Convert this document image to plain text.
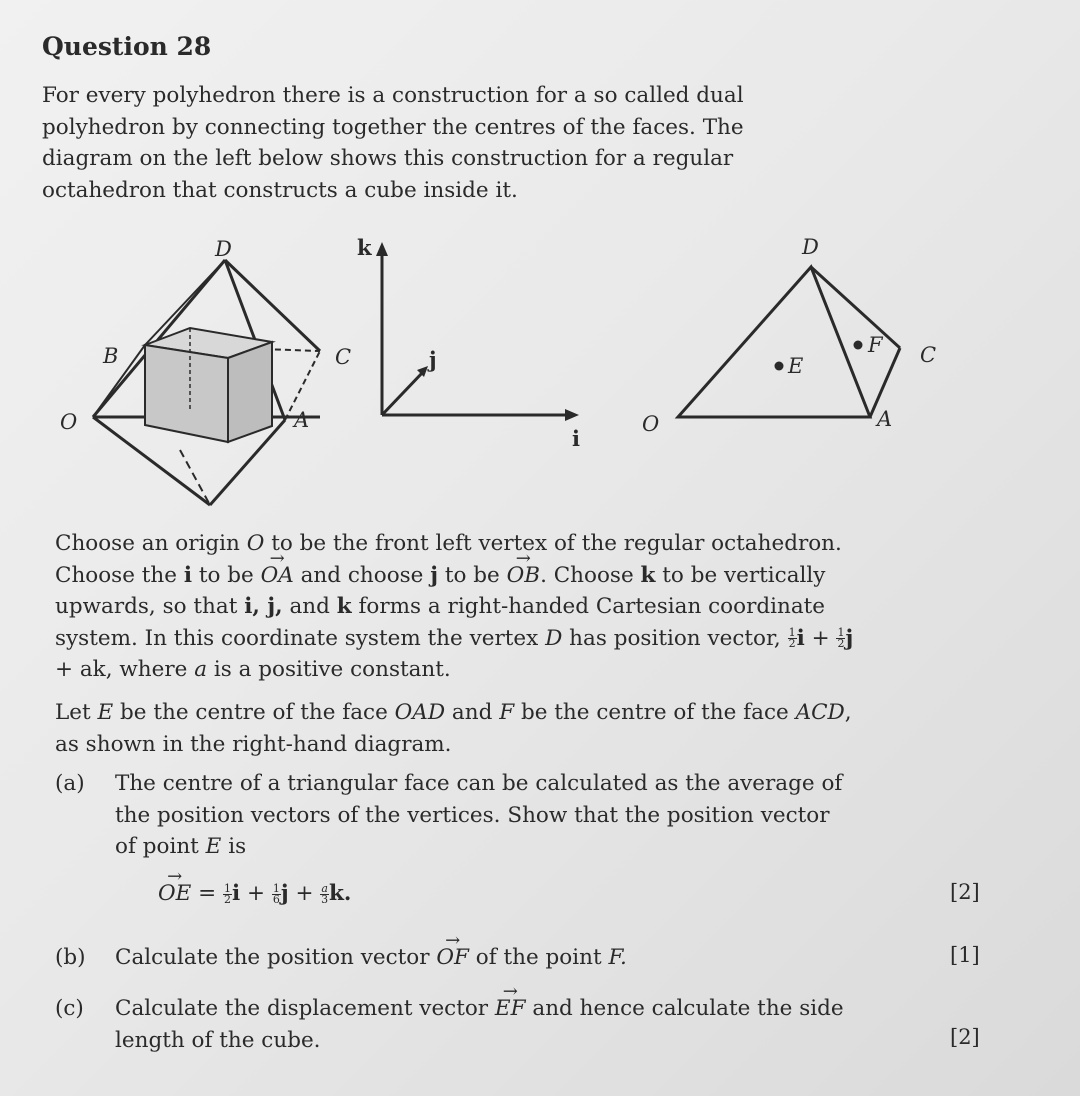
Question 28
For every polyhedron there is a construction for a so called dual polyhedron by connecting together the centres of the faces. The diagram on the left below shows this construction for a regular octahedron that constructs a cube inside it.
D
B	C
O	A
k
j
i
D
E
F C
O	A
Choose an origin O to be the front left vertex of the regular octahedron. Choose the i to be → OA and choose j to be → OB. Choose k to be vertically upwards, so that i, j, and k forms a right-handed Cartesian coordinate system. In this coordinate system the vertex D has position vector, $\frac{1}{2}$ $i + \frac{1}{2}$ j + ak, where a is a positive constant.
Let E be the centre of the face OAD and F be the centre of the face ACD, as shown in the right-hand diagram.
(a) The centre of a triangular face can be calculated as the average of the position vectors of the vertices. Show that the position vector of point E is
→ OE = $\frac{1}{2}$ $i + \frac{1}{6}$ $j + \frac{a}{3} k$.	[2]
(b) Calculate the position vector → OF of the point F.	[1]
(c) Calculate the displacement vector → EF and hence calculate the side length of the cube.	[2]
